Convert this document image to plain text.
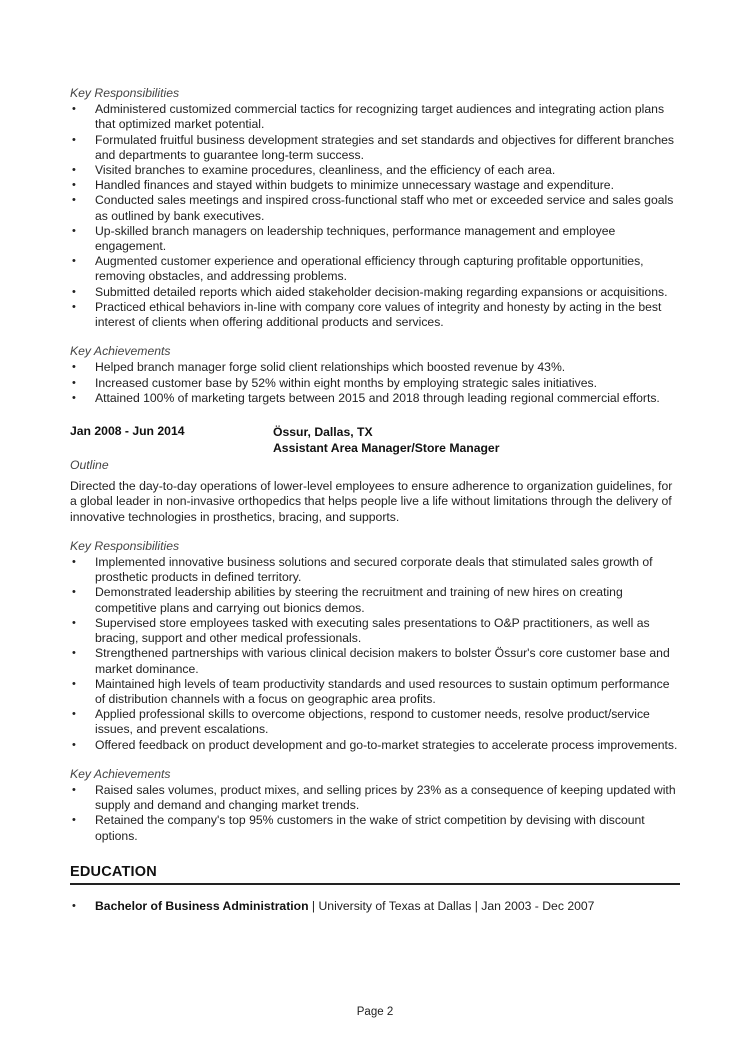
Key Responsibilities
• Administered customized commercial tactics for recognizing target audiences and integrating action plans that optimized market potential.
• Formulated fruitful business development strategies and set standards and objectives for different branches and departments to guarantee long-term success.
• Visited branches to examine procedures, cleanliness, and the efficiency of each area.
• Handled finances and stayed within budgets to minimize unnecessary wastage and expenditure.
• Conducted sales meetings and inspired cross-functional staff who met or exceeded service and sales goals as outlined by bank executives.
• Up-skilled branch managers on leadership techniques, performance management and employee engagement.
• Augmented customer experience and operational efficiency through capturing profitable opportunities, removing obstacles, and addressing problems.
• Submitted detailed reports which aided stakeholder decision-making regarding expansions or acquisitions.
• Practiced ethical behaviors in-line with company core values of integrity and honesty by acting in the best interest of clients when offering additional products and services.
Key Achievements
• Helped branch manager forge solid client relationships which boosted revenue by 43%.
• Increased customer base by 52% within eight months by employing strategic sales initiatives.
• Attained 100% of marketing targets between 2015 and 2018 through leading regional commercial efforts.
Jan 2008 - Jun 2014	Össur, Dallas, TX
Assistant Area Manager/Store Manager
Outline
Directed the day-to-day operations of lower-level employees to ensure adherence to organization guidelines, for a global leader in non-invasive orthopedics that helps people live a life without limitations through the delivery of innovative technologies in prosthetics, bracing, and supports.
Key Responsibilities
• Implemented innovative business solutions and secured corporate deals that stimulated sales growth of prosthetic products in defined territory.
• Demonstrated leadership abilities by steering the recruitment and training of new hires on creating competitive plans and carrying out bionics demos.
• Supervised store employees tasked with executing sales presentations to O&P practitioners, as well as bracing, support and other medical professionals.
• Strengthened partnerships with various clinical decision makers to bolster Össur's core customer base and market dominance.
• Maintained high levels of team productivity standards and used resources to sustain optimum performance of distribution channels with a focus on geographic area profits.
• Applied professional skills to overcome objections, respond to customer needs, resolve product/service issues, and prevent escalations.
• Offered feedback on product development and go-to-market strategies to accelerate process improvements.
Key Achievements
• Raised sales volumes, product mixes, and selling prices by 23% as a consequence of keeping updated with supply and demand and changing market trends.
• Retained the company's top 95% customers in the wake of strict competition by devising with discount options.
EDUCATION
• Bachelor of Business Administration | University of Texas at Dallas | Jan 2003 - Dec 2007
Page 2
